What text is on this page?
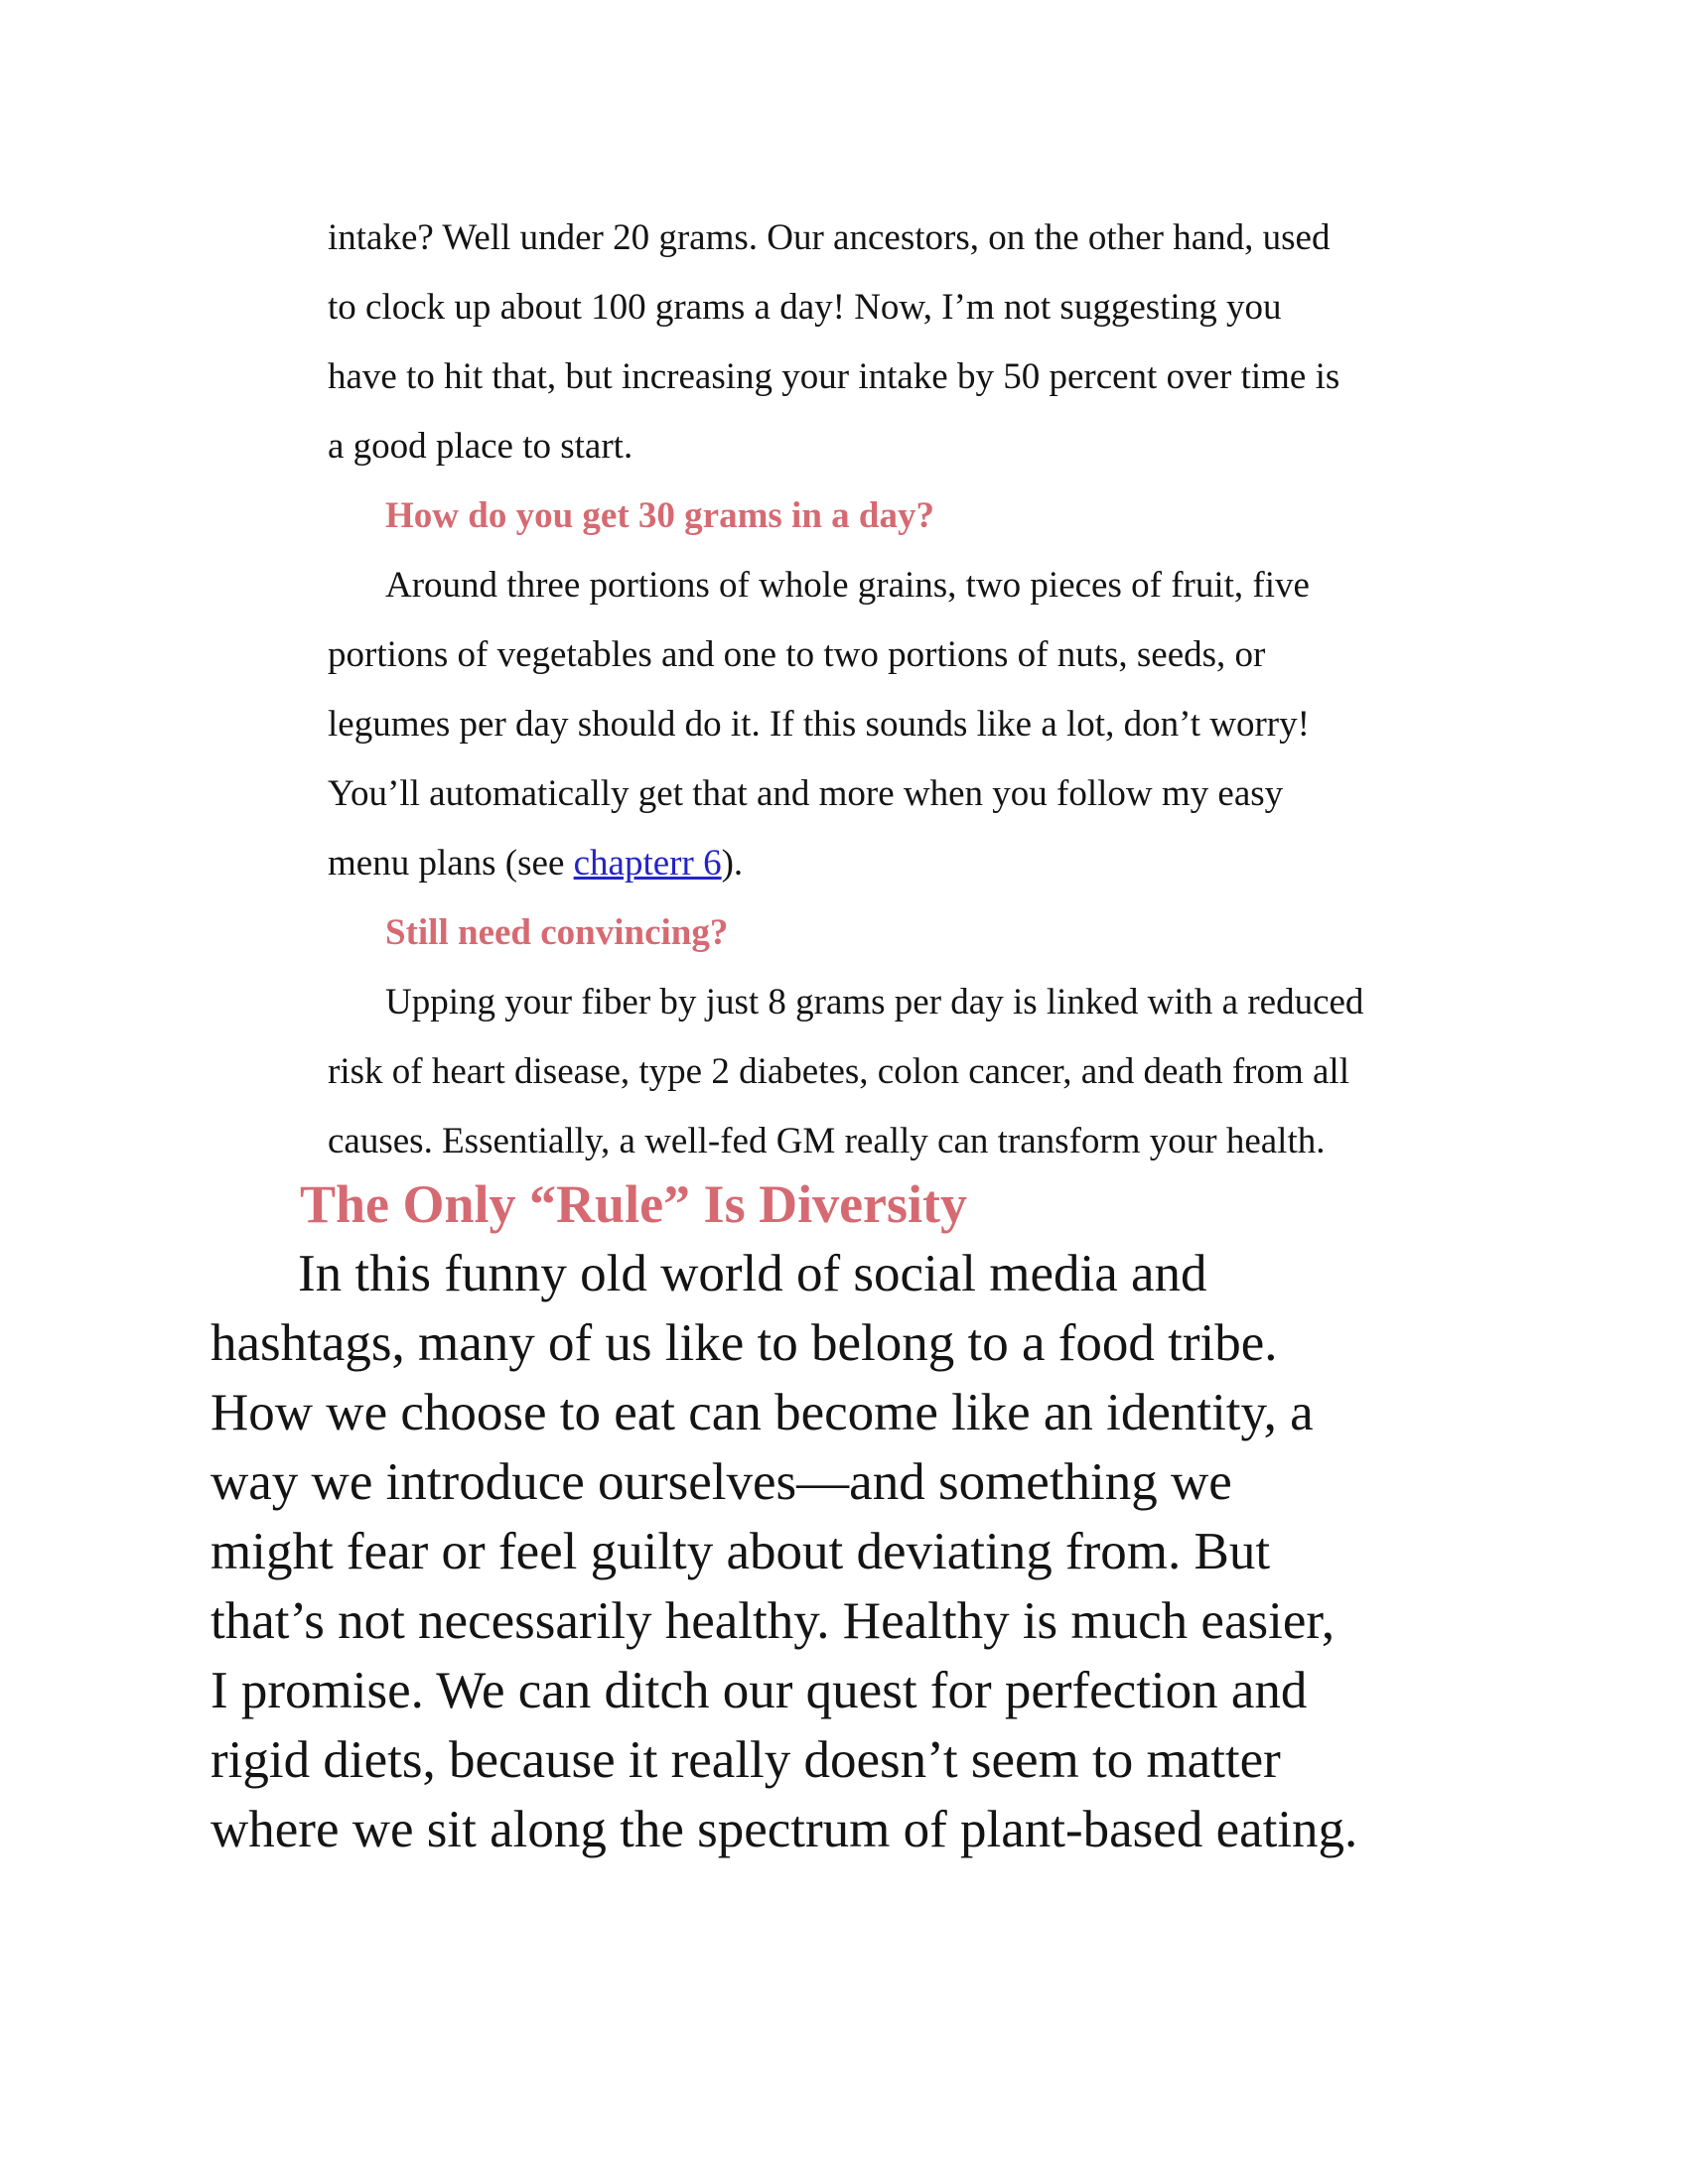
intake? Well under 20 grams. Our ancestors, on the other hand, used
to clock up about 100 grams a day! Now, I’m not suggesting you
have to hit that, but increasing your intake by 50 percent over time is
a good place to start.
How do you get 30 grams in a day?
Around three portions of whole grains, two pieces of fruit, five
portions of vegetables and one to two portions of nuts, seeds, or
legumes per day should do it. If this sounds like a lot, don’t worry!
You’ll automatically get that and more when you follow my easy
menu plans (see chapterr 6).
Still need convincing?
Upping your fiber by just 8 grams per day is linked with a reduced
risk of heart disease, type 2 diabetes, colon cancer, and death from all
causes. Essentially, a well-fed GM really can transform your health.
The Only “Rule” Is Diversity
In this funny old world of social media and
hashtags, many of us like to belong to a food tribe.
How we choose to eat can become like an identity, a
way we introduce ourselves—and something we
might fear or feel guilty about deviating from. But
that’s not necessarily healthy. Healthy is much easier,
I promise. We can ditch our quest for perfection and
rigid diets, because it really doesn’t seem to matter
where we sit along the spectrum of plant-based eating.
